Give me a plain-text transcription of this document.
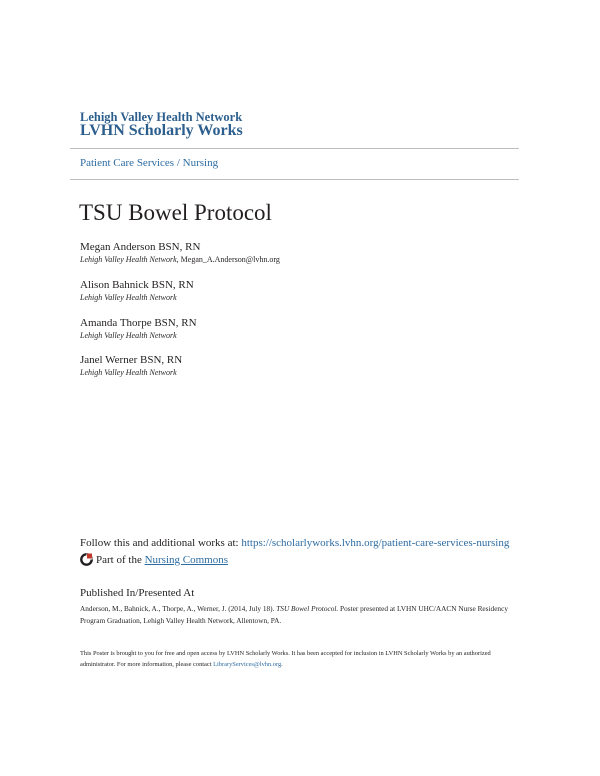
Lehigh Valley Health Network
LVHN Scholarly Works
Patient Care Services / Nursing
TSU Bowel Protocol
Megan Anderson BSN, RN
Lehigh Valley Health Network, Megan_A.Anderson@lvhn.org
Alison Bahnick BSN, RN
Lehigh Valley Health Network
Amanda Thorpe BSN, RN
Lehigh Valley Health Network
Janel Werner BSN, RN
Lehigh Valley Health Network
Follow this and additional works at: https://scholarlyworks.lvhn.org/patient-care-services-nursing
Part of the
Nursing Commons
Published In/Presented At
Anderson, M., Bahnick, A., Thorpe, A., Werner, J. (2014, July 18). TSU Bowel Protocol. Poster presented at LVHN UHC/AACN Nurse Residency Program Graduation, Lehigh Valley Health Network, Allentown, PA.
This Poster is brought to you for free and open access by LVHN Scholarly Works. It has been accepted for inclusion in LVHN Scholarly Works by an authorized administrator. For more information, please contact LibraryServices@lvhn.org.
